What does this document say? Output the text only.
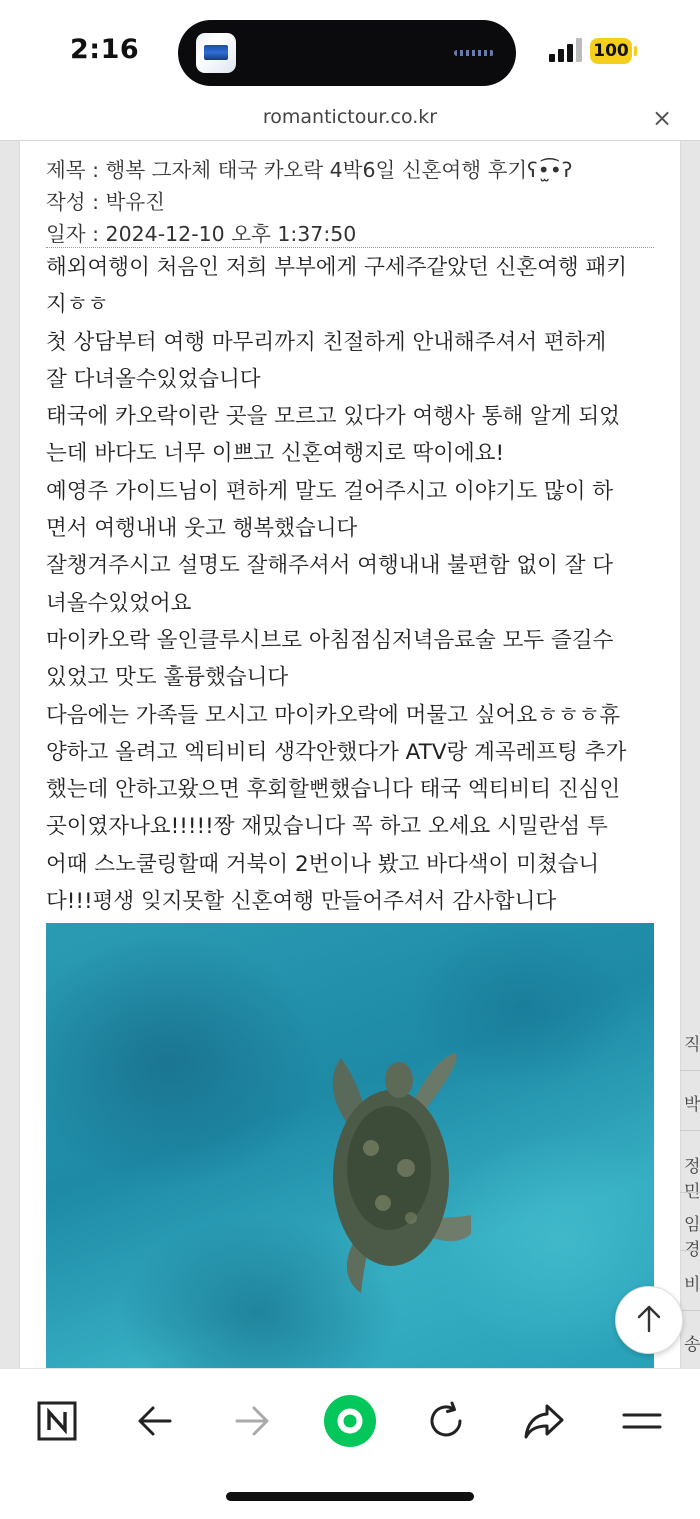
2:16	100
romantictour.co.kr	×
제목 : 행복 그자체 태국 카오락 4박6일 신혼여행 후기ʕ•̫͡•ʔ
작성 : 박유진
일자 : 2024-12-10 오후 1:37:50

해외여행이 처음인 저희 부부에게 구세주같았던 신혼여행 패키

지ㅎㅎ

첫 상담부터 여행 마무리까지 친절하게 안내해주셔서 편하게

잘 다녀올수있었습니다

태국에 카오락이란 곳을 모르고 있다가 여행사 통해 알게 되었

는데 바다도 너무 이쁘고 신혼여행지로 딱이에요!

예영주 가이드님이 편하게 말도 걸어주시고 이야기도 많이 하

면서 여행내내 웃고 행복했습니다

잘챙겨주시고 설명도 잘해주셔서 여행내내 불편함 없이 잘 다

녀올수있었어요

마이카오락 올인클루시브로 아침점심저녁음료술 모두 즐길수

있었고 맛도 훌륭했습니다

다음에는 가족들 모시고 마이카오락에 머물고 싶어요ㅎㅎㅎ휴

양하고 올려고 엑티비티 생각안했다가 ATV랑 계곡레프팅 추가

했는데 안하고왔으면 후회할뻔했습니다 태국 엑티비티 진심인

곳이였자나요!!!!!짱 재밌습니다 꼭 하고 오세요 시밀란섬 투

어때 스노쿨링할때 거북이 2번이나 봤고 바다색이 미쳤습니

다!!!평생 잊지못할 신혼여행 만들어주셔서 감사합니다

직
박
정민
임경
비
송
